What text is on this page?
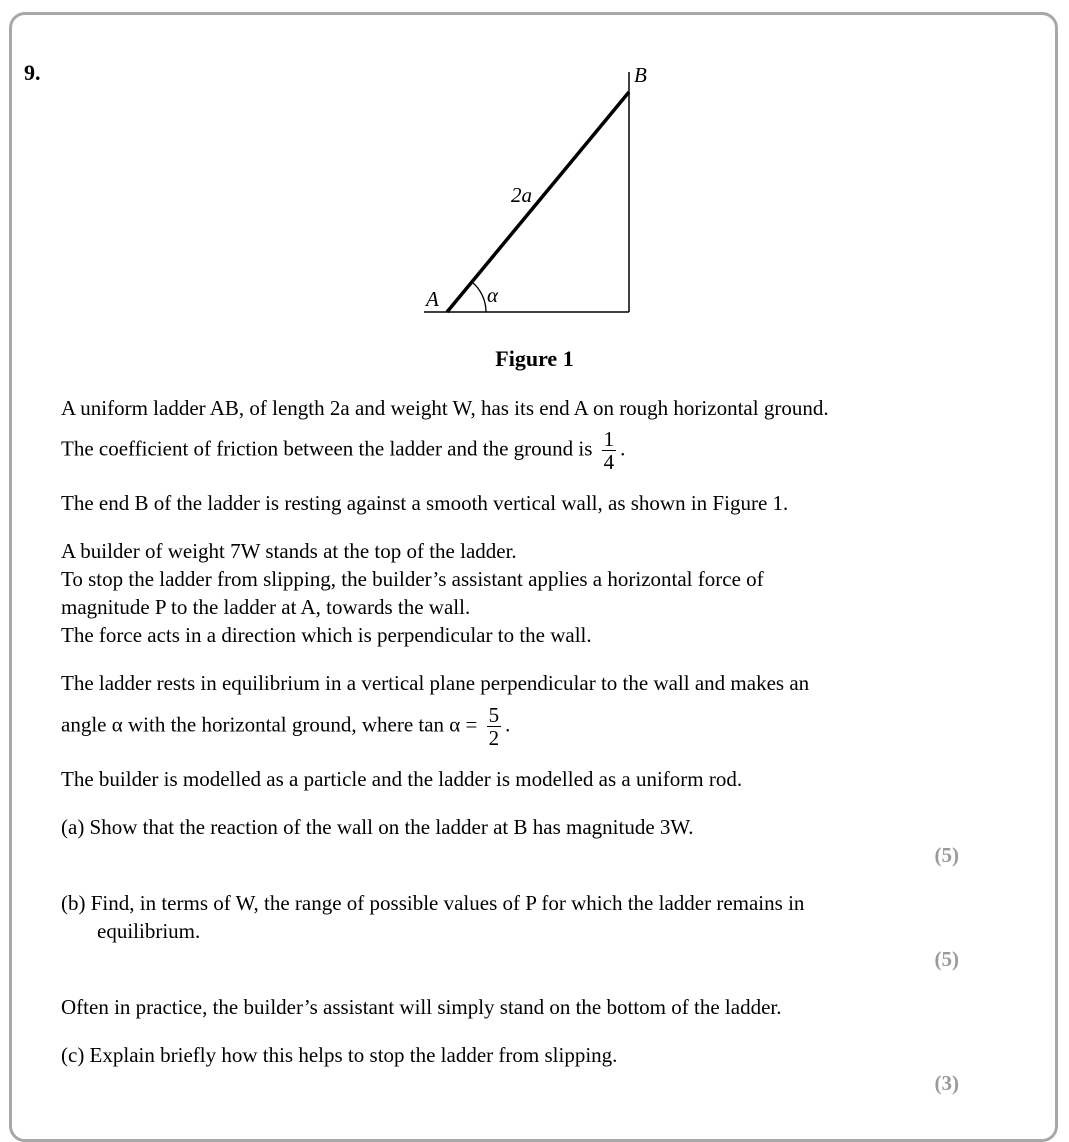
9.
A
B
2a
α
Figure 1
A uniform ladder AB, of length 2a and weight W, has its end A on rough horizontal ground.
The coefficient of friction between the ladder and the ground is $\frac{1}{4}$ .
The end B of the ladder is resting against a smooth vertical wall, as shown in Figure 1.
A builder of weight 7W stands at the top of the ladder.
To stop the ladder from slipping, the builder’s assistant applies a horizontal force of
magnitude P to the ladder at A, towards the wall.
The force acts in a direction which is perpendicular to the wall.
The ladder rests in equilibrium in a vertical plane perpendicular to the wall and makes an
angle α with the horizontal ground, where $\tan \alpha = \frac{5}{2}$ .
The builder is modelled as a particle and the ladder is modelled as a uniform rod.
(a) Show that the reaction of the wall on the ladder at B has magnitude 3W.
(5)
(b) Find, in terms of W, the range of possible values of P for which the ladder remains in
equilibrium.
(5)
Often in practice, the builder’s assistant will simply stand on the bottom of the ladder.
(c) Explain briefly how this helps to stop the ladder from slipping.
(3)
